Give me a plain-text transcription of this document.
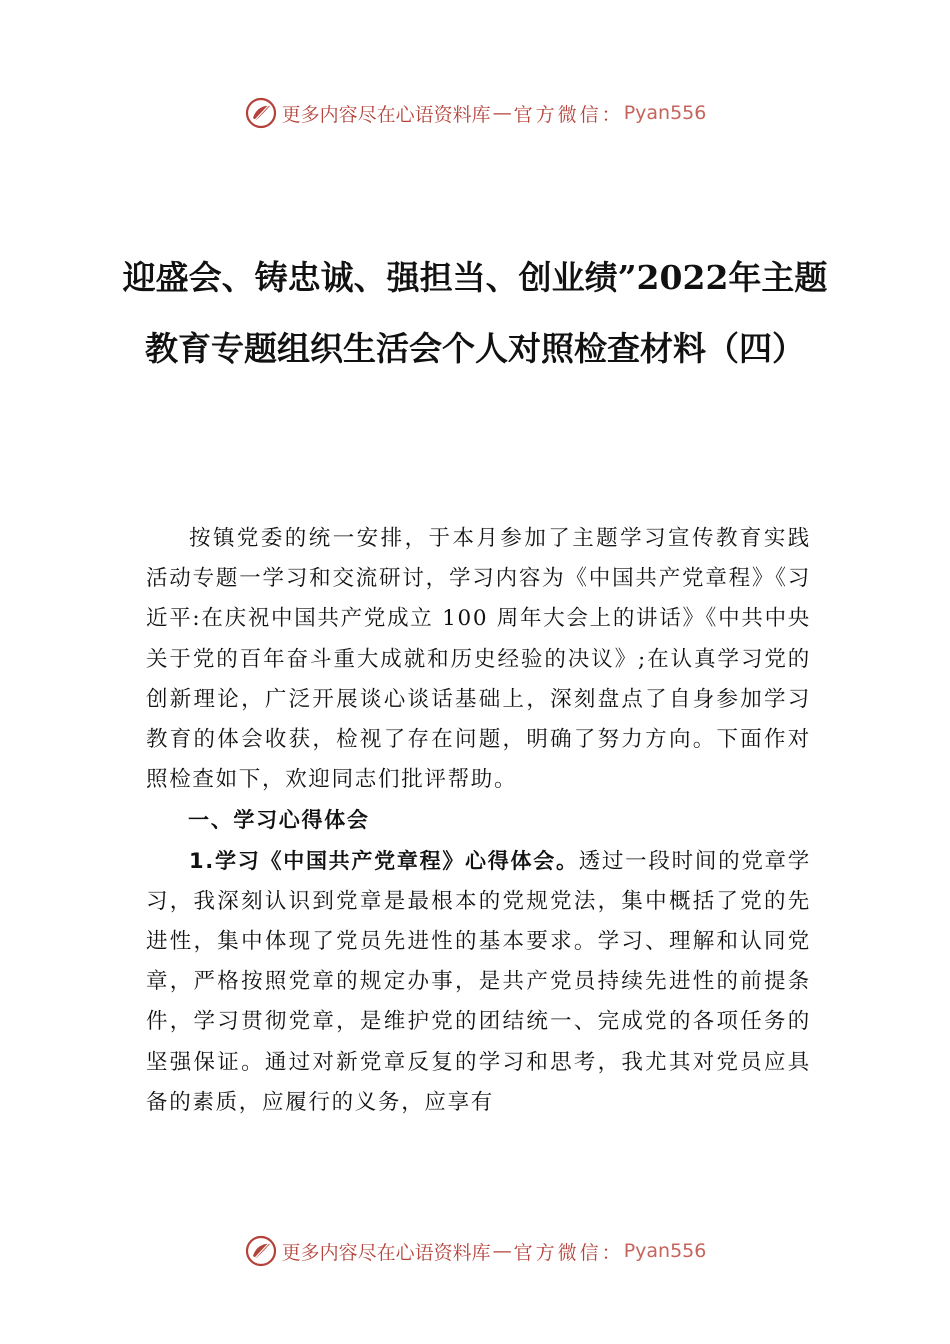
更多内容尽在心语资料库 — 官方微信： Pyan556
迎盛会、铸忠诚、强担当、创业绩”2022年主题教育专题组织生活会个人对照检查材料（四）

按镇党委的统一安排，于本月参加了主题学习宣传教育实践活动专题一学习和交流研讨，学习内容为《中国共产党章程》《习近平:在庆祝中国共产党成立 100 周年大会上的讲话》《中共中央关于党的百年奋斗重大成就和历史经验的决议》;在认真学习党的创新理论，广泛开展谈心谈话基础上，深刻盘点了自身参加学习教育的体会收获，检视了存在问题，明确了努力方向。下面作对照检查如下，欢迎同志们批评帮助。

一、学习心得体会

1.学习《中国共产党章程》心得体会。透过一段时间的党章学习，我深刻认识到党章是最根本的党规党法，集中概括了党的先进性，集中体现了党员先进性的基本要求。学习、理解和认同党章，严格按照党章的规定办事，是共产党员持续先进性的前提条件，学习贯彻党章，是维护党的团结统一、完成党的各项任务的坚强保证。通过对新党章反复的学习和思考，我尤其对党员应具备的素质，应履行的义务，应享有

更多内容尽在心语资料库 — 官方微信： Pyan556
